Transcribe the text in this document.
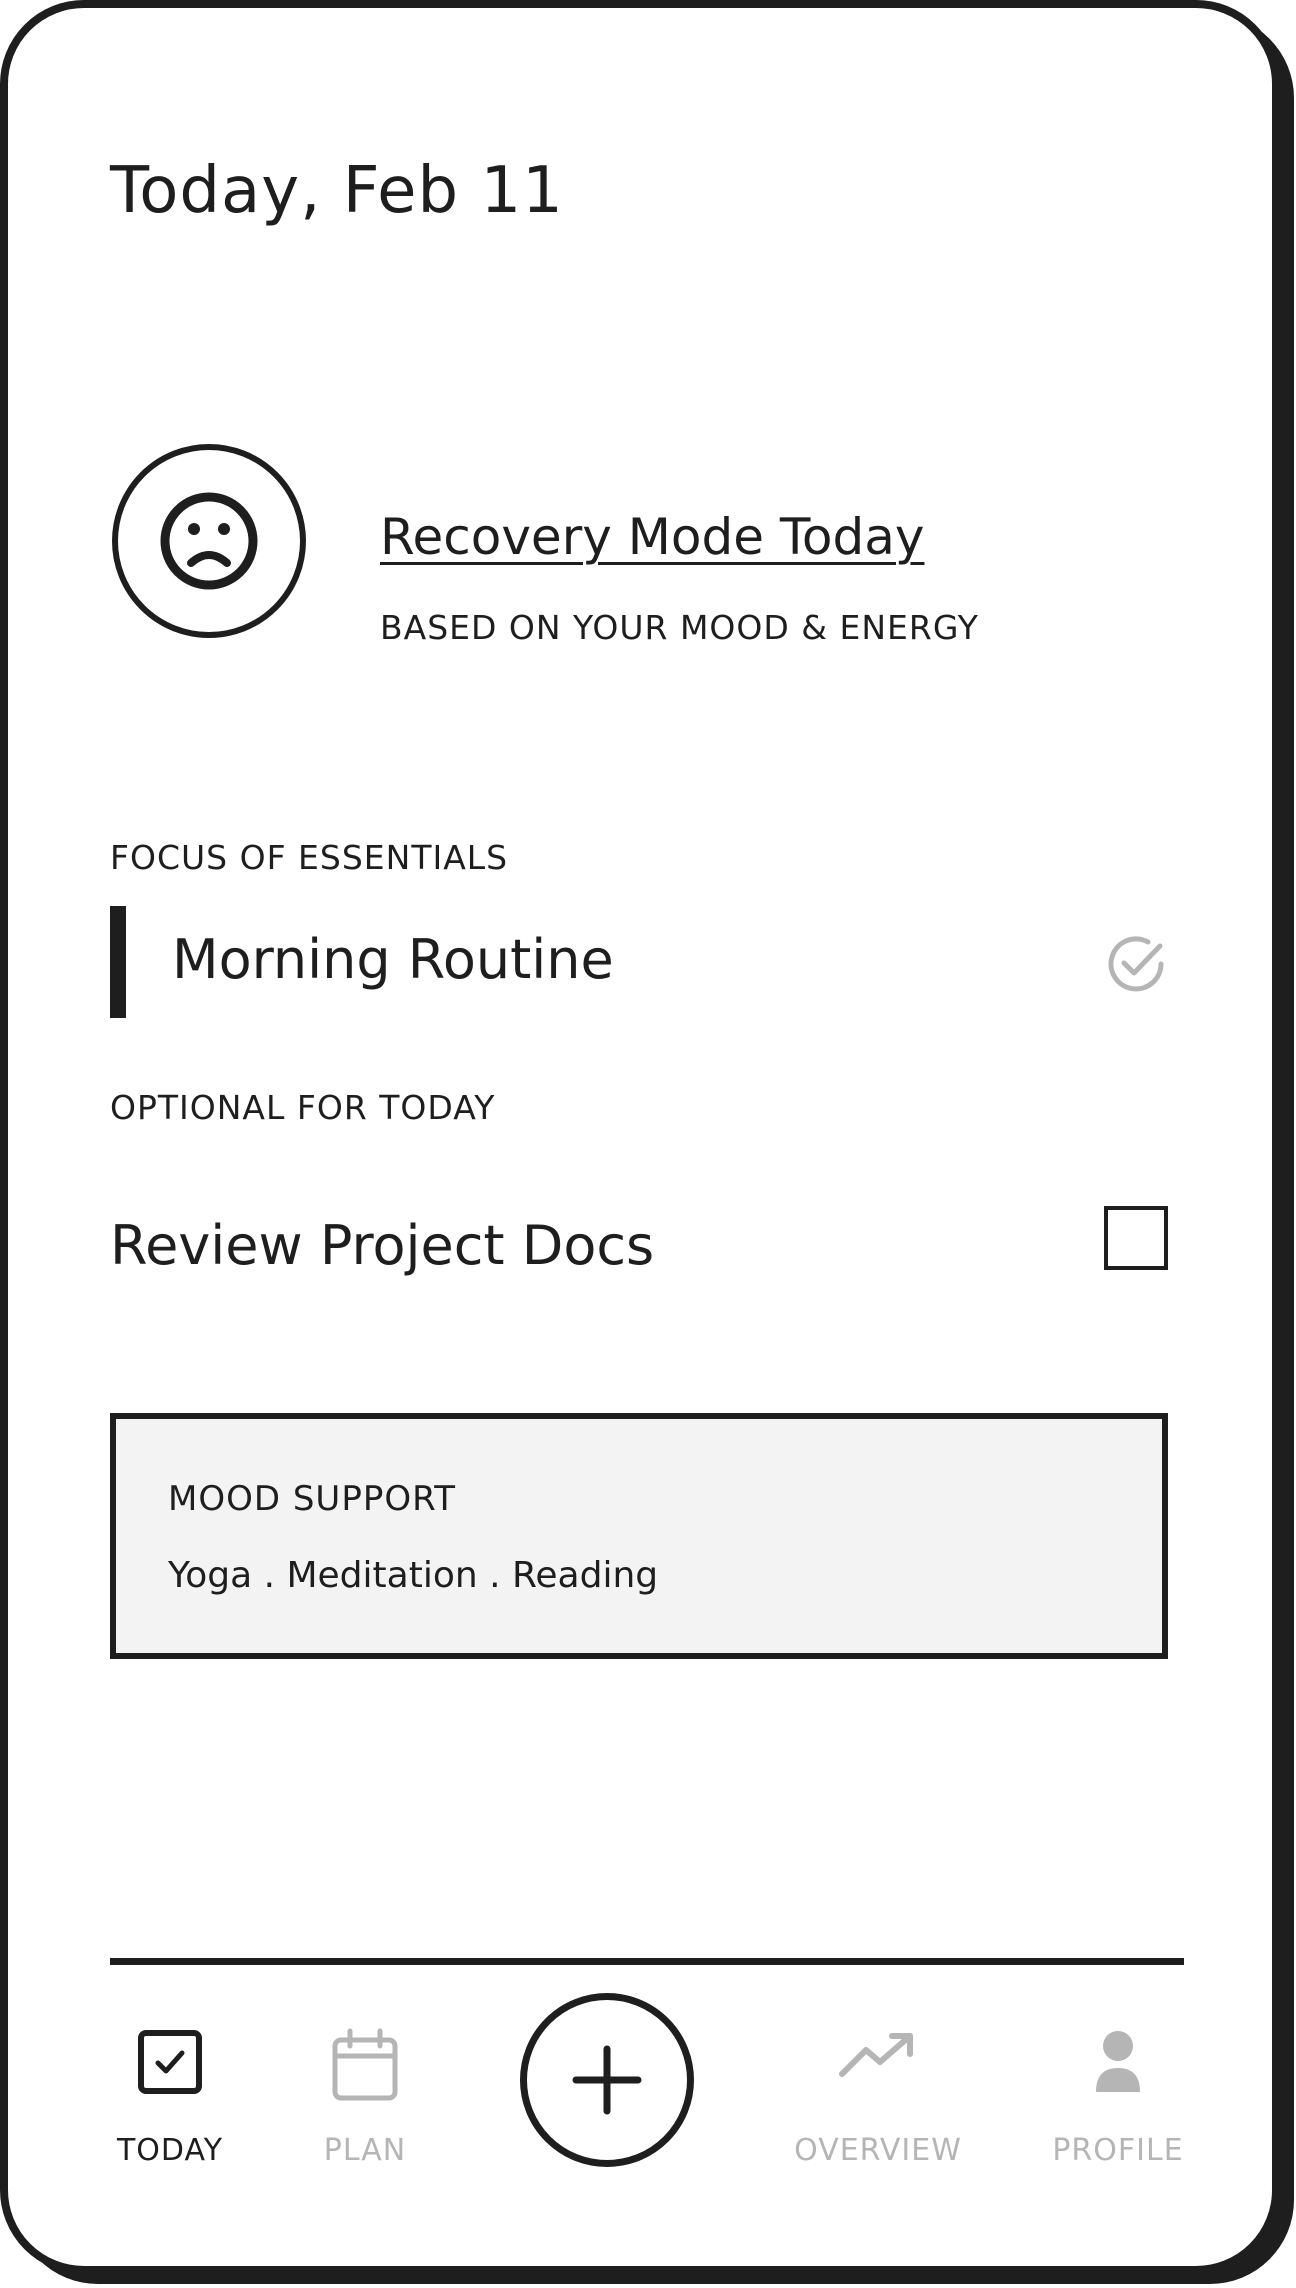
Today, Feb 11
Recovery Mode Today
BASED ON YOUR MOOD & ENERGY
FOCUS OF ESSENTIALS
Morning Routine
OPTIONAL FOR TODAY
Review Project Docs
MOOD SUPPORT
Yoga . Meditation . Reading
TODAY	PLAN	OVERVIEW	PROFILE
